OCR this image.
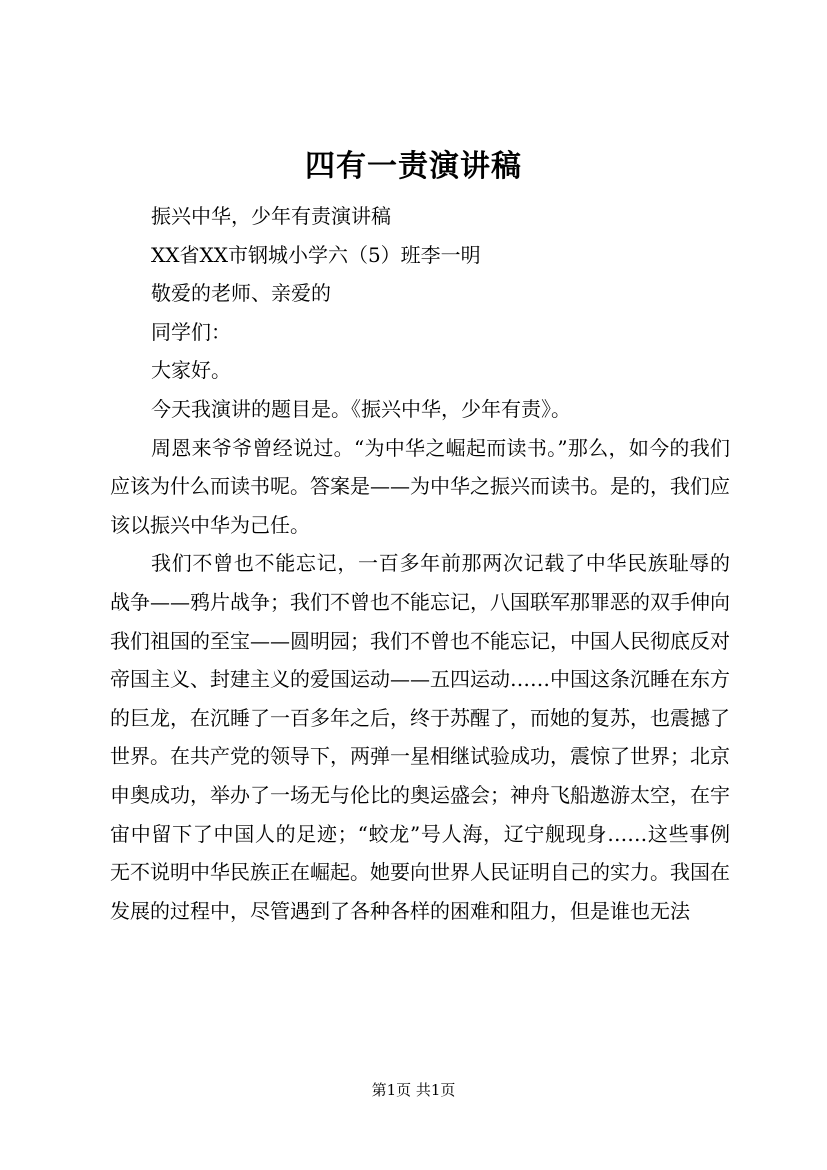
四有一责演讲稿

振兴中华，少年有责演讲稿

XX省XX市钢城小学六（5）班李一明

敬爱的老师、亲爱的

同学们：

大家好。

今天我演讲的题目是。《振兴中华，少年有责》。

周恩来爷爷曾经说过。“为中华之崛起而读书。”那么，如今的我们应该为什么而读书呢。答案是——为中华之振兴而读书。是的，我们应该以振兴中华为己任。

我们不曾也不能忘记，一百多年前那两次记载了中华民族耻辱的战争——鸦片战争；我们不曾也不能忘记，八国联军那罪恶的双手伸向我们祖国的至宝——圆明园；我们不曾也不能忘记，中国人民彻底反对帝国主义、封建主义的爱国运动——五四运动……中国这条沉睡在东方的巨龙，在沉睡了一百多年之后，终于苏醒了，而她的复苏，也震撼了世界。在共产党的领导下，两弹一星相继试验成功，震惊了世界；北京申奥成功，举办了一场无与伦比的奥运盛会；神舟飞船遨游太空，在宇宙中留下了中国人的足迹；“蛟龙”号人海，辽宁舰现身……这些事例无不说明中华民族正在崛起。她要向世界人民证明自己的实力。我国在发展的过程中，尽管遇到了各种各样的困难和阻力，但是谁也无法

第1页 共1页
